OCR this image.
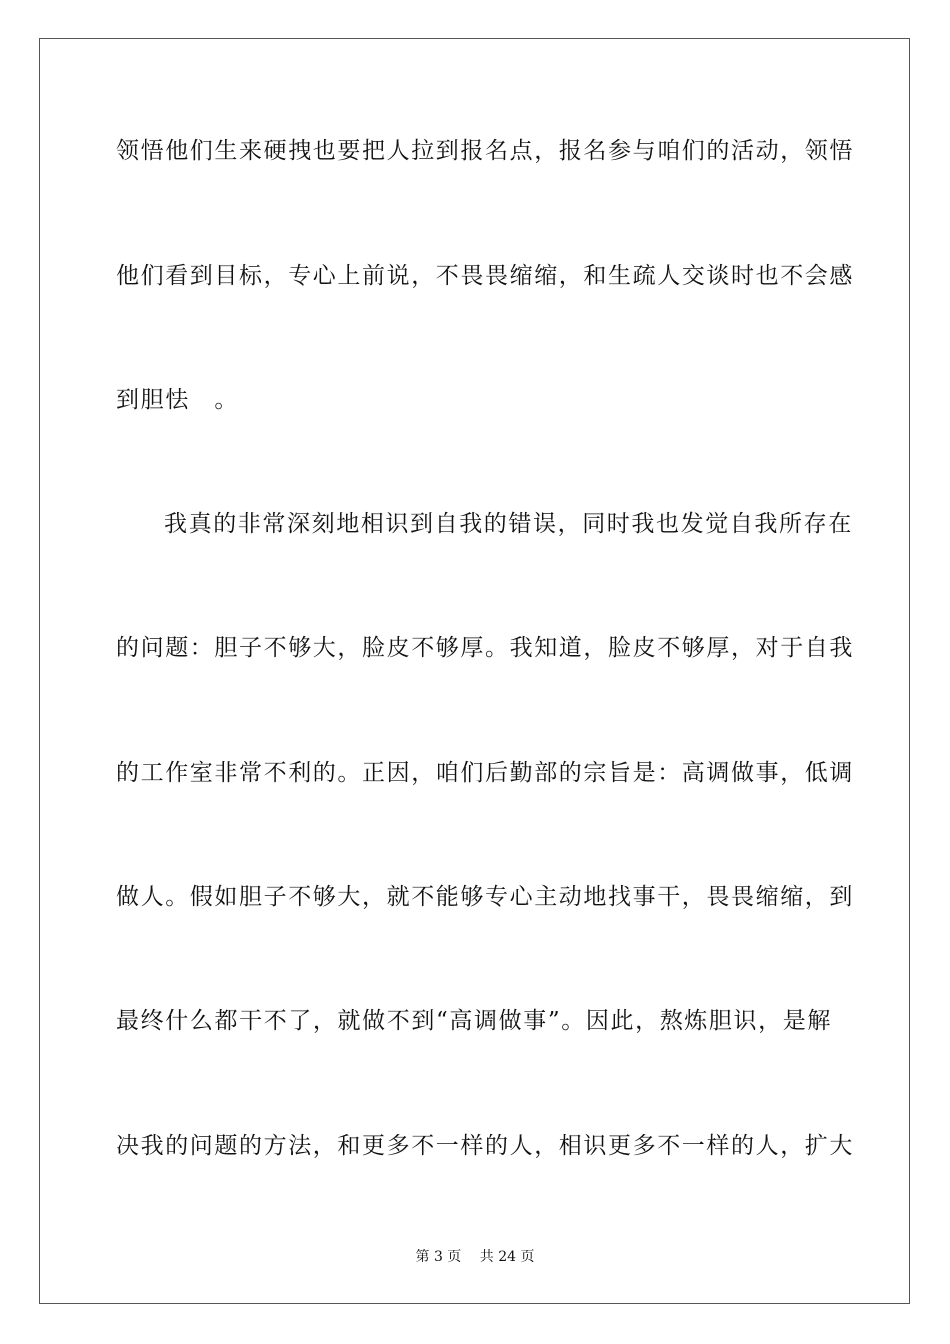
领悟他们生来硬拽也要把人拉到报名点，报名参与咱们的活动，领悟
他们看到目标，专心上前说，不畏畏缩缩，和生疏人交谈时也不会感
到胆怯　。
我真的非常深刻地相识到自我的错误，同时我也发觉自我所存在
的问题：胆子不够大，脸皮不够厚。我知道，脸皮不够厚，对于自我
的工作室非常不利的。正因，咱们后勤部的宗旨是：高调做事，低调
做人。假如胆子不够大，就不能够专心主动地找事干，畏畏缩缩，到
最终什么都干不了，就做不到“高调做事”。因此，熬炼胆识，是解
决我的问题的方法，和更多不一样的人，相识更多不一样的人，扩大
第 3 页　 共 24 页
